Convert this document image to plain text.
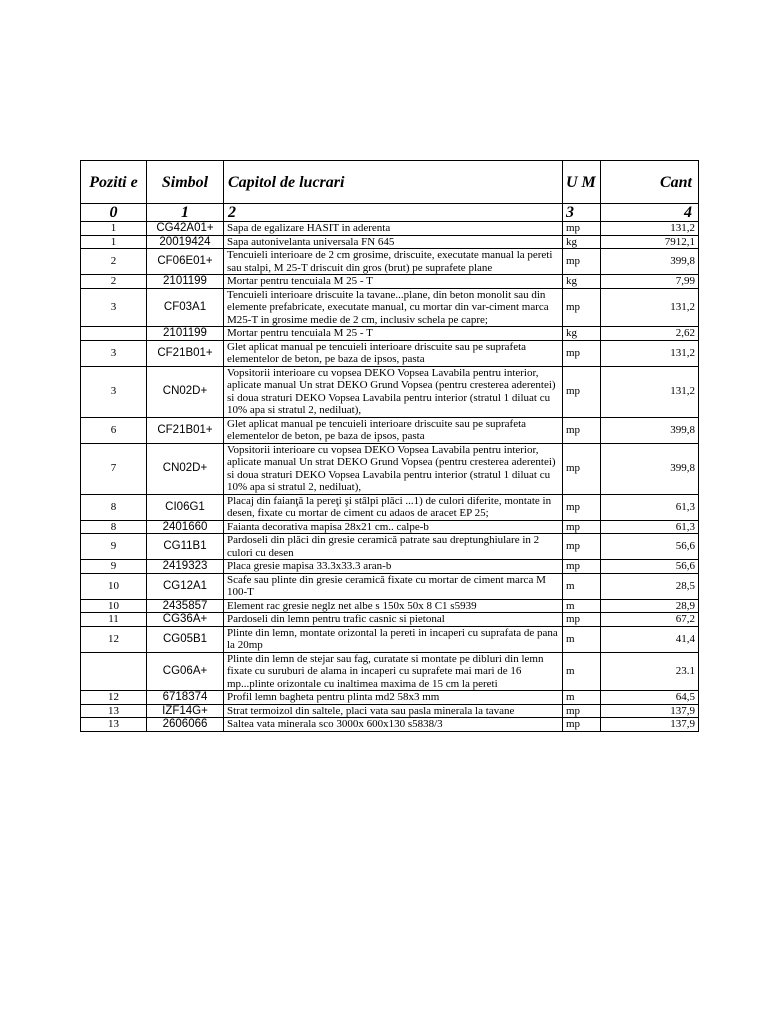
Poziti e	Simbol	Capitol de lucrari	U M	Cant
0	1	2	3	4
1	CG42A01+	Sapa de egalizare HASIT in aderenta	mp	131,2
1	20019424	Sapa autonivelanta universala FN 645	kg	7912,1
2	CF06E01+	Tencuieli interioare de 2 cm grosime, driscuite, executate manual la pereti sau stalpi, M 25-T driscuit din gros (brut) pe suprafete plane	mp	399,8
2	2101199	Mortar pentru tencuiala M 25 - T	kg	7,99
3	CF03A1	Tencuieli interioare driscuite la tavane...plane, din beton monolit sau din elemente prefabricate, executate manual, cu mortar din var-ciment marca M25-T in grosime medie de 2 cm, inclusiv schela pe capre;	mp	131,2
	2101199	Mortar pentru tencuiala M 25 - T	kg	2,62
3	CF21B01+	Glet aplicat manual pe tencuieli interioare driscuite sau pe suprafeta elementelor de beton, pe baza de ipsos, pasta	mp	131,2
3	CN02D+	Vopsitorii interioare cu vopsea DEKO Vopsea Lavabila pentru interior, aplicate manual Un strat DEKO Grund Vopsea (pentru cresterea aderentei) si doua straturi DEKO Vopsea Lavabila pentru interior (stratul 1 diluat cu 10% apa si stratul 2, nediluat),	mp	131,2
6	CF21B01+	Glet aplicat manual pe tencuieli interioare driscuite sau pe suprafeta elementelor de beton, pe baza de ipsos, pasta	mp	399,8
7	CN02D+	Vopsitorii interioare cu vopsea DEKO Vopsea Lavabila pentru interior, aplicate manual Un strat DEKO Grund Vopsea (pentru cresterea aderentei) si doua straturi DEKO Vopsea Lavabila pentru interior (stratul 1 diluat cu 10% apa si stratul 2, nediluat),	mp	399,8
8	CI06G1	Placaj din faianţă la pereţi şi stâlpi plăci ...1) de culori diferite, montate in desen, fixate cu mortar de ciment cu adaos de aracet EP 25;	mp	61,3
8	2401660	Faianta decorativa mapisa 28x21 cm.. calpe-b	mp	61,3
9	CG11B1	Pardoseli din plăci din gresie ceramică patrate sau dreptunghiulare in 2 culori cu desen	mp	56,6
9	2419323	Placa gresie mapisa 33.3x33.3 aran-b	mp	56,6
10	CG12A1	Scafe sau plinte din gresie ceramică fixate cu mortar de ciment marca M 100-T	m	28,5
10	2435857	Element rac gresie neglz net albe s 150x 50x 8 C1 s5939	m	28,9
11	CG36A+	Pardoseli din lemn pentru trafic casnic si pietonal	mp	67,2
12	CG05B1	Plinte din lemn, montate orizontal la pereti in incaperi cu suprafata de pana la 20mp	m	41,4
	CG06A+	Plinte din lemn de stejar sau fag, curatate si montate pe dibluri din lemn fixate cu suruburi de alama in incaperi cu suprafete mai mari de 16 mp...plinte orizontale cu inaltimea maxima de 15 cm la pereti	m	23.1
12	6718374	Profil lemn bagheta pentru plinta md2 58x3 mm	m	64,5
13	IZF14G+	Strat termoizol din saltele, placi vata sau pasla minerala la tavane	mp	137,9
13	2606066	Saltea vata minerala sco 3000x 600x130 s5838/3	mp	137,9
